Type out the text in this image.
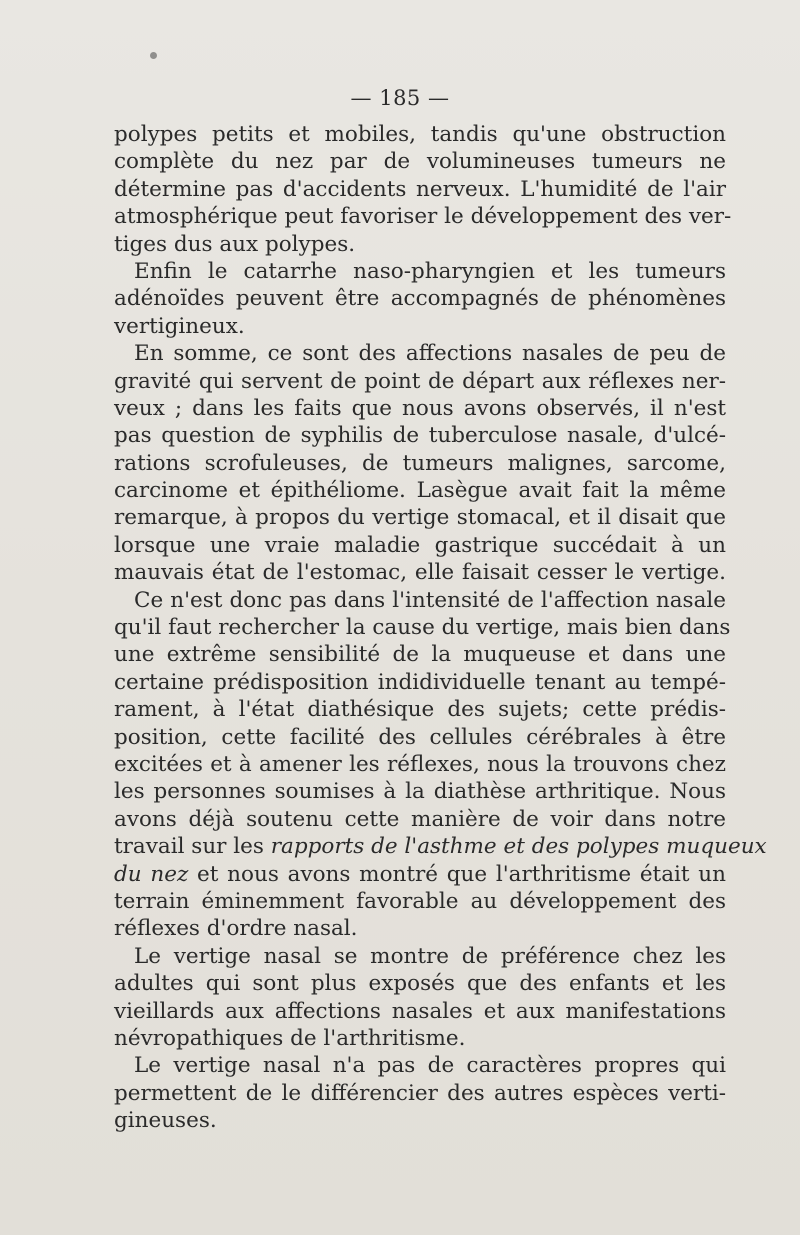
— 185 —
polypes petits et mobiles, tandis qu'une obstruction
complète du nez par de volumineuses tumeurs ne
détermine pas d'accidents nerveux. L'humidité de l'air
atmosphérique peut favoriser le développement des ver-
tiges dus aux polypes.
Enfin le catarrhe naso-pharyngien et les tumeurs
adénoïdes peuvent être accompagnés de phénomènes
vertigineux.
En somme, ce sont des affections nasales de peu de
gravité qui servent de point de départ aux réflexes ner-
veux ; dans les faits que nous avons observés, il n'est
pas question de syphilis de tuberculose nasale, d'ulcé-
rations scrofuleuses, de tumeurs malignes, sarcome,
carcinome et épithéliome. Lasègue avait fait la même
remarque, à propos du vertige stomacal, et il disait que
lorsque une vraie maladie gastrique succédait à un
mauvais état de l'estomac, elle faisait cesser le vertige.
Ce n'est donc pas dans l'intensité de l'affection nasale
qu'il faut rechercher la cause du vertige, mais bien dans
une extrême sensibilité de la muqueuse et dans une
certaine prédisposition indidividuelle tenant au tempé-
rament, à l'état diathésique des sujets; cette prédis-
position, cette facilité des cellules cérébrales à être
excitées et à amener les réflexes, nous la trouvons chez
les personnes soumises à la diathèse arthritique. Nous
avons déjà soutenu cette manière de voir dans notre
travail sur les rapports de l'asthme et des polypes muqueux
du nez et nous avons montré que l'arthritisme était un
terrain éminemment favorable au développement des
réflexes d'ordre nasal.
Le vertige nasal se montre de préférence chez les
adultes qui sont plus exposés que des enfants et les
vieillards aux affections nasales et aux manifestations
névropathiques de l'arthritisme.
Le vertige nasal n'a pas de caractères propres qui
permettent de le différencier des autres espèces verti-
gineuses.
